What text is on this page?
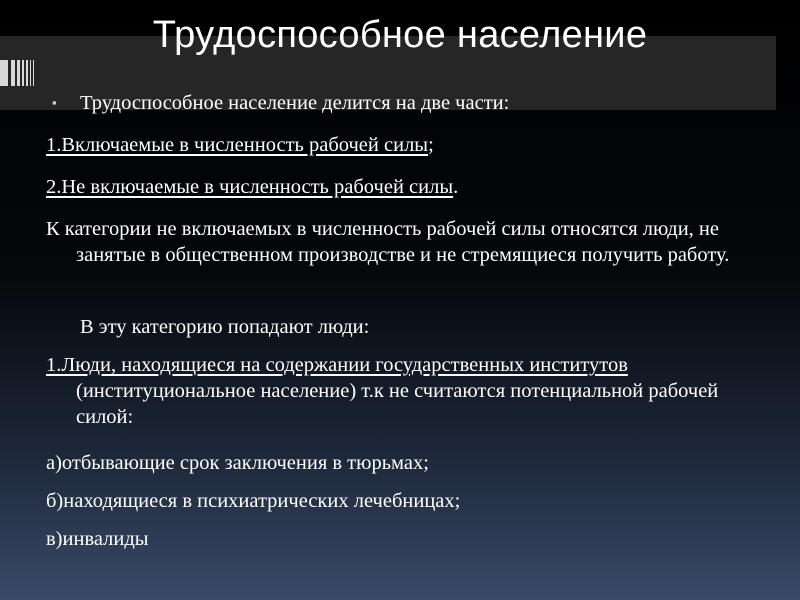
Трудоспособное население

▪ Трудоспособное население делится на две части:

1.Включаемые в численность рабочей силы;

2.Не включаемые в численность рабочей силы.

К категории не включаемых в численность рабочей силы относятся люди, не занятые в общественном производстве и не стремящиеся получить работу.

В эту категорию попадают люди:

1.Люди, находящиеся на содержании государственных институтов (институциональное население) т.к не считаются потенциальной рабочей силой:

а)отбывающие срок заключения в тюрьмах;

б)находящиеся в психиатрических лечебницах;

в)инвалиды
